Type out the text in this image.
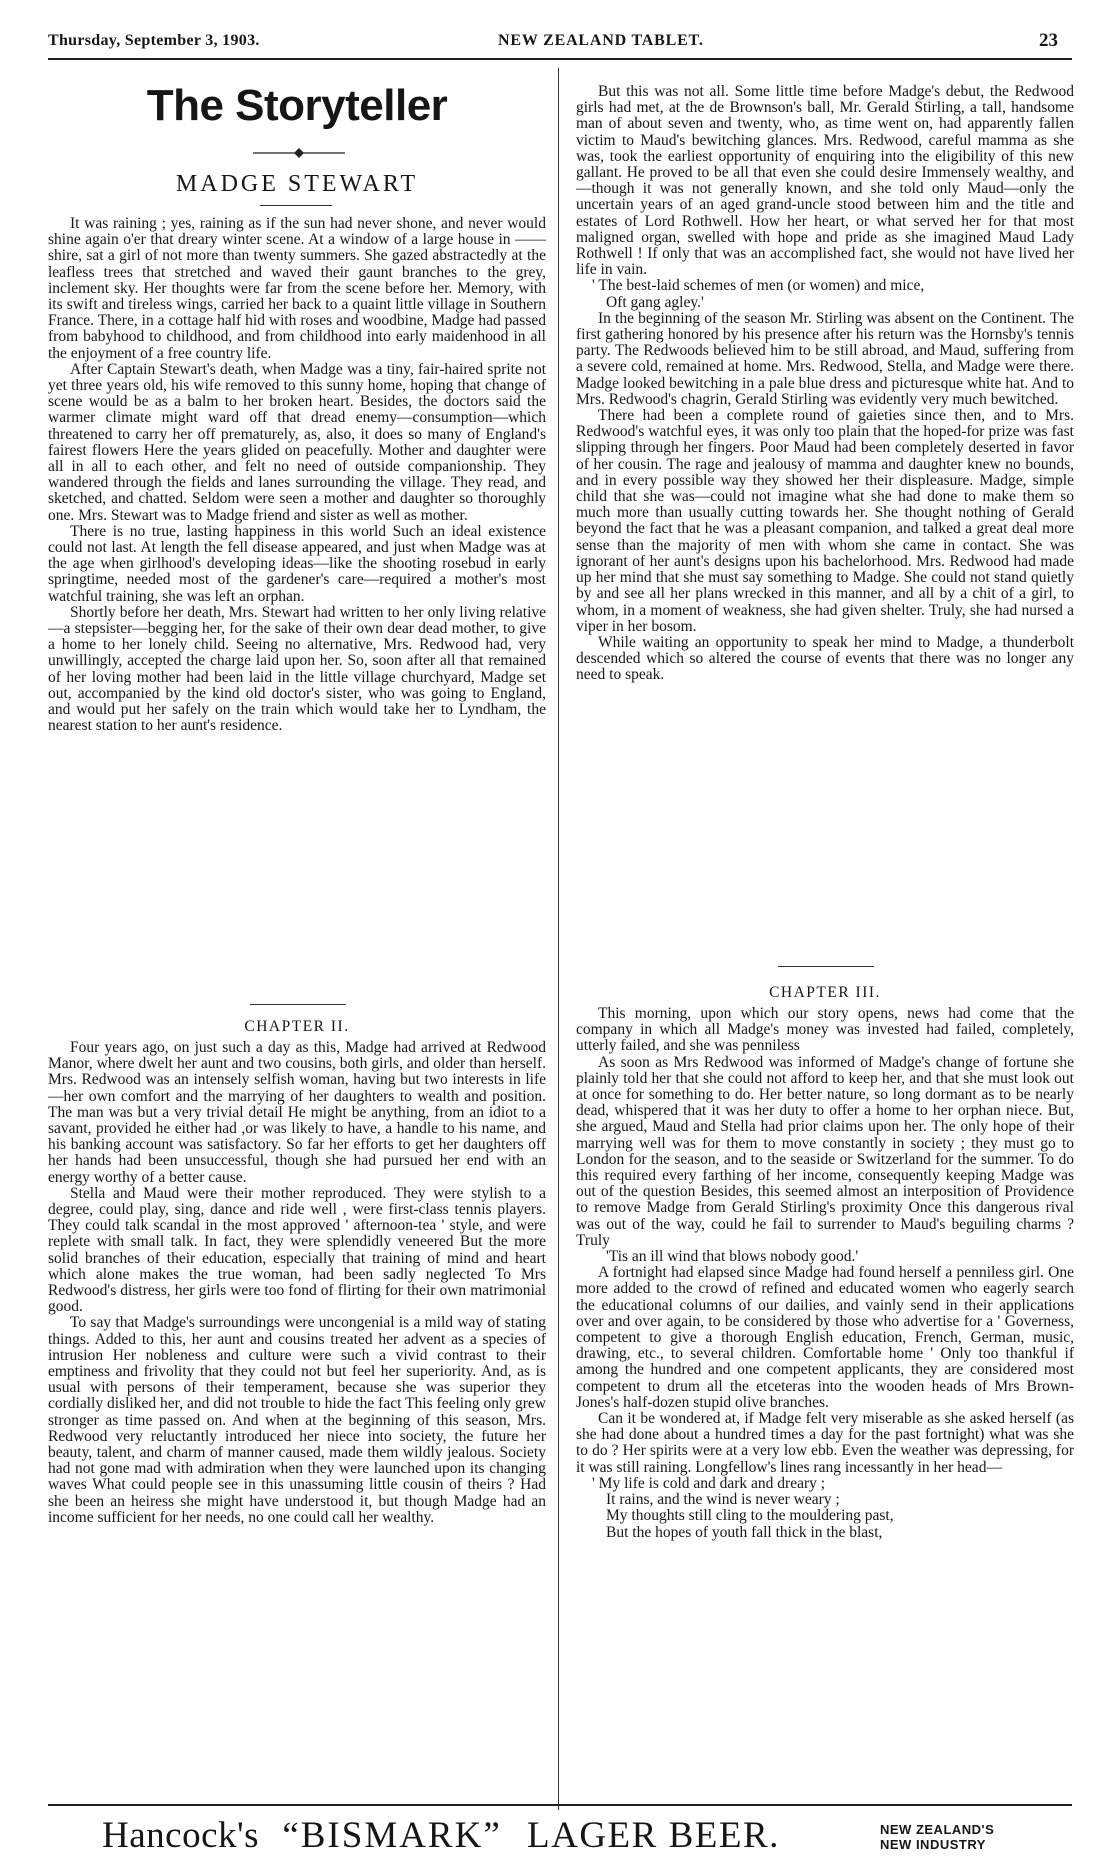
Thursday, September 3, 1903.	NEW ZEALAND TABLET.	23
The Storyteller
MADGE STEWART

It was raining ; yes, raining as if the sun had never shone, and never would shine again o'er that dreary winter scene. At a window of a large house in ——shire, sat a girl of not more than twenty summers. She gazed abstractedly at the leafless trees that stretched and waved their gaunt branches to the grey, inclement sky. Her thoughts were far from the scene before her. Memory, with its swift and tireless wings, carried her back to a quaint little village in Southern France. There, in a cottage half hid with roses and woodbine, Madge had passed from babyhood to childhood, and from childhood into early maidenhood in all the enjoyment of a free country life.

After Captain Stewart's death, when Madge was a tiny, fair-haired sprite not yet three years old, his wife removed to this sunny home, hoping that change of scene would be as a balm to her broken heart. Besides, the doctors said the warmer climate might ward off that dread enemy—consumption—which threatened to carry her off prematurely, as, also, it does so many of England's fairest flowers Here the years glided on peacefully. Mother and daughter were all in all to each other, and felt no need of outside companionship. They wandered through the fields and lanes surrounding the village. They read, and sketched, and chatted. Seldom were seen a mother and daughter so thoroughly one. Mrs. Stewart was to Madge friend and sister as well as mother.

There is no true, lasting happiness in this world Such an ideal existence could not last. At length the fell disease appeared, and just when Madge was at the age when girlhood's developing ideas—like the shooting rosebud in early springtime, needed most of the gardener's care—required a mother's most watchful training, she was left an orphan.

Shortly before her death, Mrs. Stewart had written to her only living relative—a stepsister—begging her, for the sake of their own dear dead mother, to give a home to her lonely child. Seeing no alternative, Mrs. Redwood had, very unwillingly, accepted the charge laid upon her. So, soon after all that remained of her loving mother had been laid in the little village churchyard, Madge set out, accompanied by the kind old doctor's sister, who was going to England, and would put her safely on the train which would take her to Lyndham, the nearest station to her aunt's residence.

CHAPTER II.

Four years ago, on just such a day as this, Madge had arrived at Redwood Manor, where dwelt her aunt and two cousins, both girls, and older than herself. Mrs. Redwood was an intensely selfish woman, having but two interests in life—her own comfort and the marrying of her daughters to wealth and position. The man was but a very trivial detail He might be anything, from an idiot to a savant, provided he either had ,or was likely to have, a handle to his name, and his banking account was satisfactory. So far her efforts to get her daughters off her hands had been unsuccessful, though she had pursued her end with an energy worthy of a better cause.

Stella and Maud were their mother reproduced. They were stylish to a degree, could play, sing, dance and ride well , were first-class tennis players. They could talk scandal in the most approved ' afternoon-tea ' style, and were replete with small talk. In fact, they were splendidly veneered But the more solid branches of their education, especially that training of mind and heart which alone makes the true woman, had been sadly neglected To Mrs Redwood's distress, her girls were too fond of flirting for their own matrimonial good.

To say that Madge's surroundings were uncongenial is a mild way of stating things. Added to this, her aunt and cousins treated her advent as a species of intrusion Her nobleness and culture were such a vivid contrast to their emptiness and frivolity that they could not but feel her superiority. And, as is usual with persons of their temperament, because she was superior they cordially disliked her, and did not trouble to hide the fact This feeling only grew stronger as time passed on. And when at the beginning of this season, Mrs. Redwood very reluctantly introduced her niece into society, the future her beauty, talent, and charm of manner caused, made them wildly jealous. Society had not gone mad with admiration when they were launched upon its changing waves What could people see in this unassuming little cousin of theirs ? Had she been an heiress she might have understood it, but though Madge had an income sufficient for her needs, no one could call her wealthy.

But this was not all. Some little time before Madge's debut, the Redwood girls had met, at the de Brownson's ball, Mr. Gerald Stirling, a tall, handsome man of about seven and twenty, who, as time went on, had apparently fallen victim to Maud's bewitching glances. Mrs. Redwood, careful mamma as she was, took the earliest opportunity of enquiring into the eligibility of this new gallant. He proved to be all that even she could desire Immensely wealthy, and—though it was not generally known, and she told only Maud—only the uncertain years of an aged grand-uncle stood between him and the title and estates of Lord Rothwell. How her heart, or what served her for that most maligned organ, swelled with hope and pride as she imagined Maud Lady Rothwell ! If only that was an accomplished fact, she would not have lived her life in vain.

' The best-laid schemes of men (or women) and mice,
Oft gang agley.'

In the beginning of the season Mr. Stirling was absent on the Continent. The first gathering honored by his presence after his return was the Hornsby's tennis party. The Redwoods believed him to be still abroad, and Maud, suffering from a severe cold, remained at home. Mrs. Redwood, Stella, and Madge were there. Madge looked bewitching in a pale blue dress and picturesque white hat. And to Mrs. Redwood's chagrin, Gerald Stirling was evidently very much bewitched.

There had been a complete round of gaieties since then, and to Mrs. Redwood's watchful eyes, it was only too plain that the hoped-for prize was fast slipping through her fingers. Poor Maud had been completely deserted in favor of her cousin. The rage and jealousy of mamma and daughter knew no bounds, and in every possible way they showed her their displeasure. Madge, simple child that she was—could not imagine what she had done to make them so much more than usually cutting towards her. She thought nothing of Gerald beyond the fact that he was a pleasant companion, and talked a great deal more sense than the majority of men with whom she came in contact. She was ignorant of her aunt's designs upon his bachelorhood. Mrs. Redwood had made up her mind that she must say something to Madge. She could not stand quietly by and see all her plans wrecked in this manner, and all by a chit of a girl, to whom, in a moment of weakness, she had given shelter. Truly, she had nursed a viper in her bosom.

While waiting an opportunity to speak her mind to Madge, a thunderbolt descended which so altered the course of events that there was no longer any need to speak.

CHAPTER III.

This morning, upon which our story opens, news had come that the company in which all Madge's money was invested had failed, completely, utterly failed, and she was penniless

As soon as Mrs Redwood was informed of Madge's change of fortune she plainly told her that she could not afford to keep her, and that she must look out at once for something to do. Her better nature, so long dormant as to be nearly dead, whispered that it was her duty to offer a home to her orphan niece. But, she argued, Maud and Stella had prior claims upon her. The only hope of their marrying well was for them to move constantly in society ; they must go to London for the season, and to the seaside or Switzerland for the summer. To do this required every farthing of her income, consequently keeping Madge was out of the question Besides, this seemed almost an interposition of Providence to remove Madge from Gerald Stirling's proximity Once this dangerous rival was out of the way, could he fail to surrender to Maud's beguiling charms ? Truly

'Tis an ill wind that blows nobody good.'

A fortnight had elapsed since Madge had found herself a penniless girl. One more added to the crowd of refined and educated women who eagerly search the educational columns of our dailies, and vainly send in their applications over and over again, to be considered by those who advertise for a ' Governess, competent to give a thorough English education, French, German, music, drawing, etc., to several children. Comfortable home ' Only too thankful if among the hundred and one competent applicants, they are considered most competent to drum all the etceteras into the wooden heads of Mrs Brown-Jones's half-dozen stupid olive branches.

Can it be wondered at, if Madge felt very miserable as she asked herself (as she had done about a hundred times a day for the past fortnight) what was she to do ? Her spirits were at a very low ebb. Even the weather was depressing, for it was still raining. Longfellow's lines rang incessantly in her head—

' My life is cold and dark and dreary ;
It rains, and the wind is never weary ;
My thoughts still cling to the mouldering past,
But the hopes of youth fall thick in the blast,

Hancock's “BISMARK” LAGER BEER.	NEW ZEALAND'S
NEW INDUSTRY
